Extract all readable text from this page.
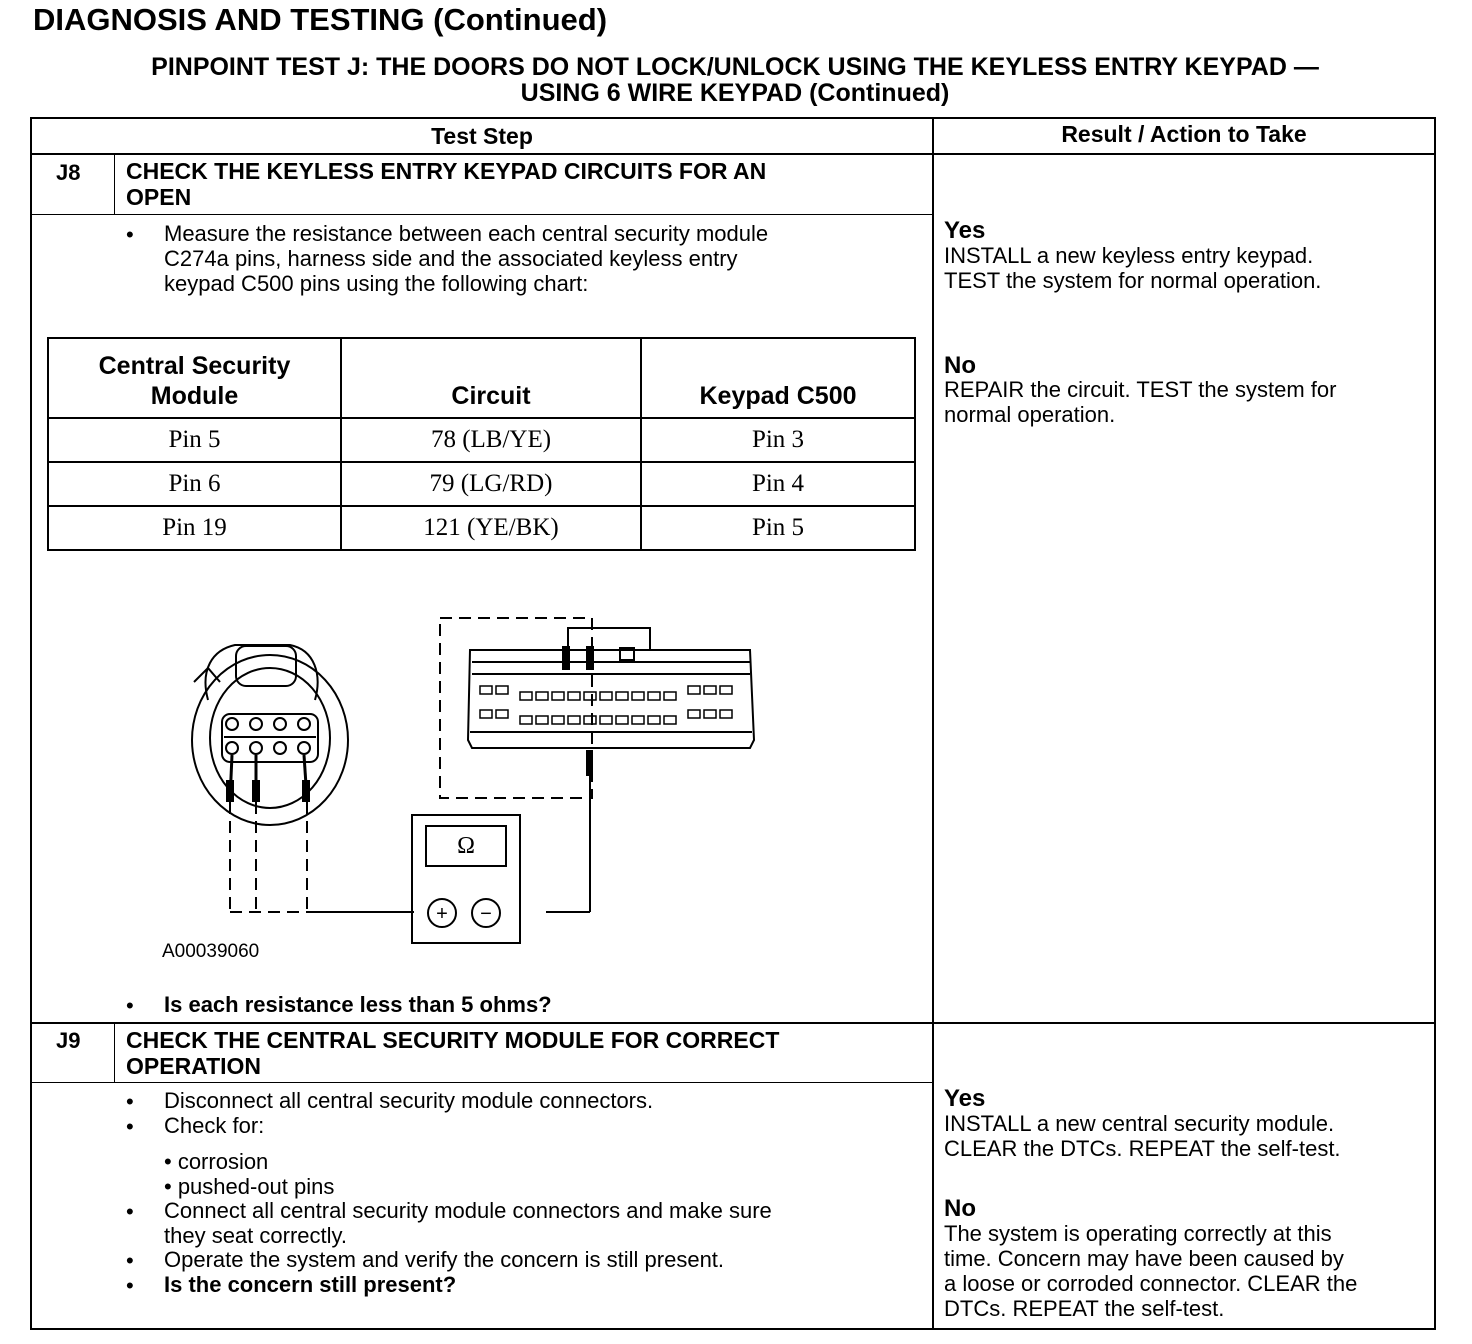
DIAGNOSIS AND TESTING (Continued)
PINPOINT TEST J: THE DOORS DO NOT LOCK/UNLOCK USING THE KEYLESS ENTRY KEYPAD —
USING 6 WIRE KEYPAD (Continued)
Test Step	Result / Action to Take
J8 CHECK THE KEYLESS ENTRY KEYPAD CIRCUITS FOR AN
OPEN
• Measure the resistance between each central security module
C274a pins, harness side and the associated keyless entry
keypad C500 pins using the following chart:
Central Security
Module	Circuit	Keypad C500
Pin 5	78 (LB/YE)	Pin 3
Pin 6	79 (LG/RD)	Pin 4
Pin 19	121 (YE/BK)	Pin 5
Ω
+ −
A00039060
• Is each resistance less than 5 ohms?
Yes
INSTALL a new keyless entry keypad.
TEST the system for normal operation.
No
REPAIR the circuit. TEST the system for
normal operation.
J9 CHECK THE CENTRAL SECURITY MODULE FOR CORRECT
OPERATION
• Disconnect all central security module connectors.
• Check for:
• corrosion
• pushed-out pins
• Connect all central security module connectors and make sure
they seat correctly.
• Operate the system and verify the concern is still present.
• Is the concern still present?
Yes
INSTALL a new central security module.
CLEAR the DTCs. REPEAT the self-test.
No
The system is operating correctly at this
time. Concern may have been caused by
a loose or corroded connector. CLEAR the
DTCs. REPEAT the self-test.
